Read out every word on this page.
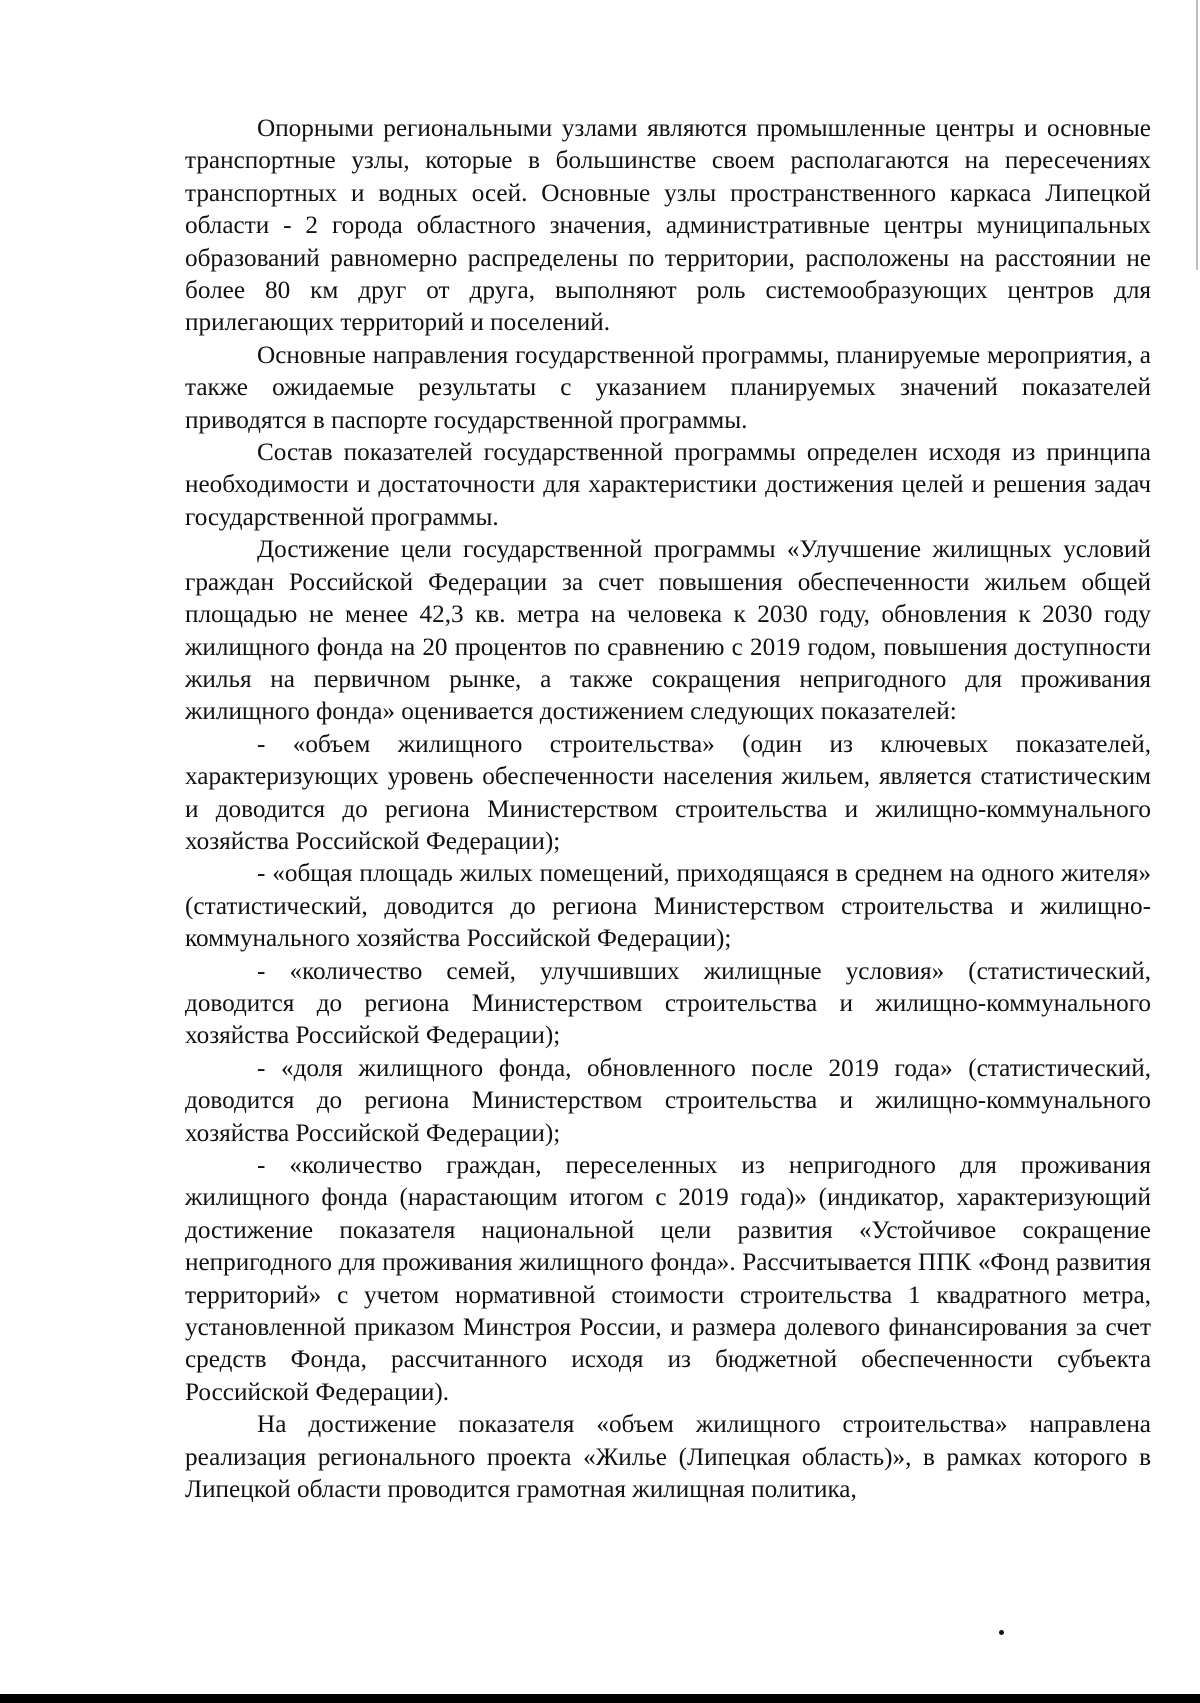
Опорными региональными узлами являются промышленные центры и основные транспортные узлы, которые в большинстве своем располагаются на пересечениях транспортных и водных осей. Основные узлы пространственного каркаса Липецкой области - 2 города областного значения, административные центры муниципальных образований равномерно распределены по территории, расположены на расстоянии не более 80 км друг от друга, выполняют роль системообразующих центров для прилегающих территорий и поселений.

Основные направления государственной программы, планируемые мероприятия, а также ожидаемые результаты с указанием планируемых значений показателей приводятся в паспорте государственной программы.

Состав показателей государственной программы определен исходя из принципа необходимости и достаточности для характеристики достижения целей и решения задач государственной программы.

Достижение цели государственной программы «Улучшение жилищных условий граждан Российской Федерации за счет повышения обеспеченности жильем общей площадью не менее 42,3 кв. метра на человека к 2030 году, обновления к 2030 году жилищного фонда на 20 процентов по сравнению с 2019 годом, повышения доступности жилья на первичном рынке, а также сокращения непригодного для проживания жилищного фонда» оценивается достижением следующих показателей:

- «объем жилищного строительства» (один из ключевых показателей, характеризующих уровень обеспеченности населения жильем, является статистическим и доводится до региона Министерством строительства и жилищно-коммунального хозяйства Российской Федерации);

- «общая площадь жилых помещений, приходящаяся в среднем на одного жителя» (статистический, доводится до региона Министерством строительства и жилищно-коммунального хозяйства Российской Федерации);

- «количество семей, улучшивших жилищные условия» (статистический, доводится до региона Министерством строительства и жилищно-коммунального хозяйства Российской Федерации);

- «доля жилищного фонда, обновленного после 2019 года» (статистический, доводится до региона Министерством строительства и жилищно-коммунального хозяйства Российской Федерации);

- «количество граждан, переселенных из непригодного для проживания жилищного фонда (нарастающим итогом с 2019 года)» (индикатор, характеризующий достижение показателя национальной цели развития «Устойчивое сокращение непригодного для проживания жилищного фонда». Рассчитывается ППК «Фонд развития территорий» с учетом нормативной стоимости строительства 1 квадратного метра, установленной приказом Минстроя России, и размера долевого финансирования за счет средств Фонда, рассчитанного исходя из бюджетной обеспеченности субъекта Российской Федерации).

На достижение показателя «объем жилищного строительства» направлена реализация регионального проекта «Жилье (Липецкая область)», в рамках которого в Липецкой области проводится грамотная жилищная политика,
